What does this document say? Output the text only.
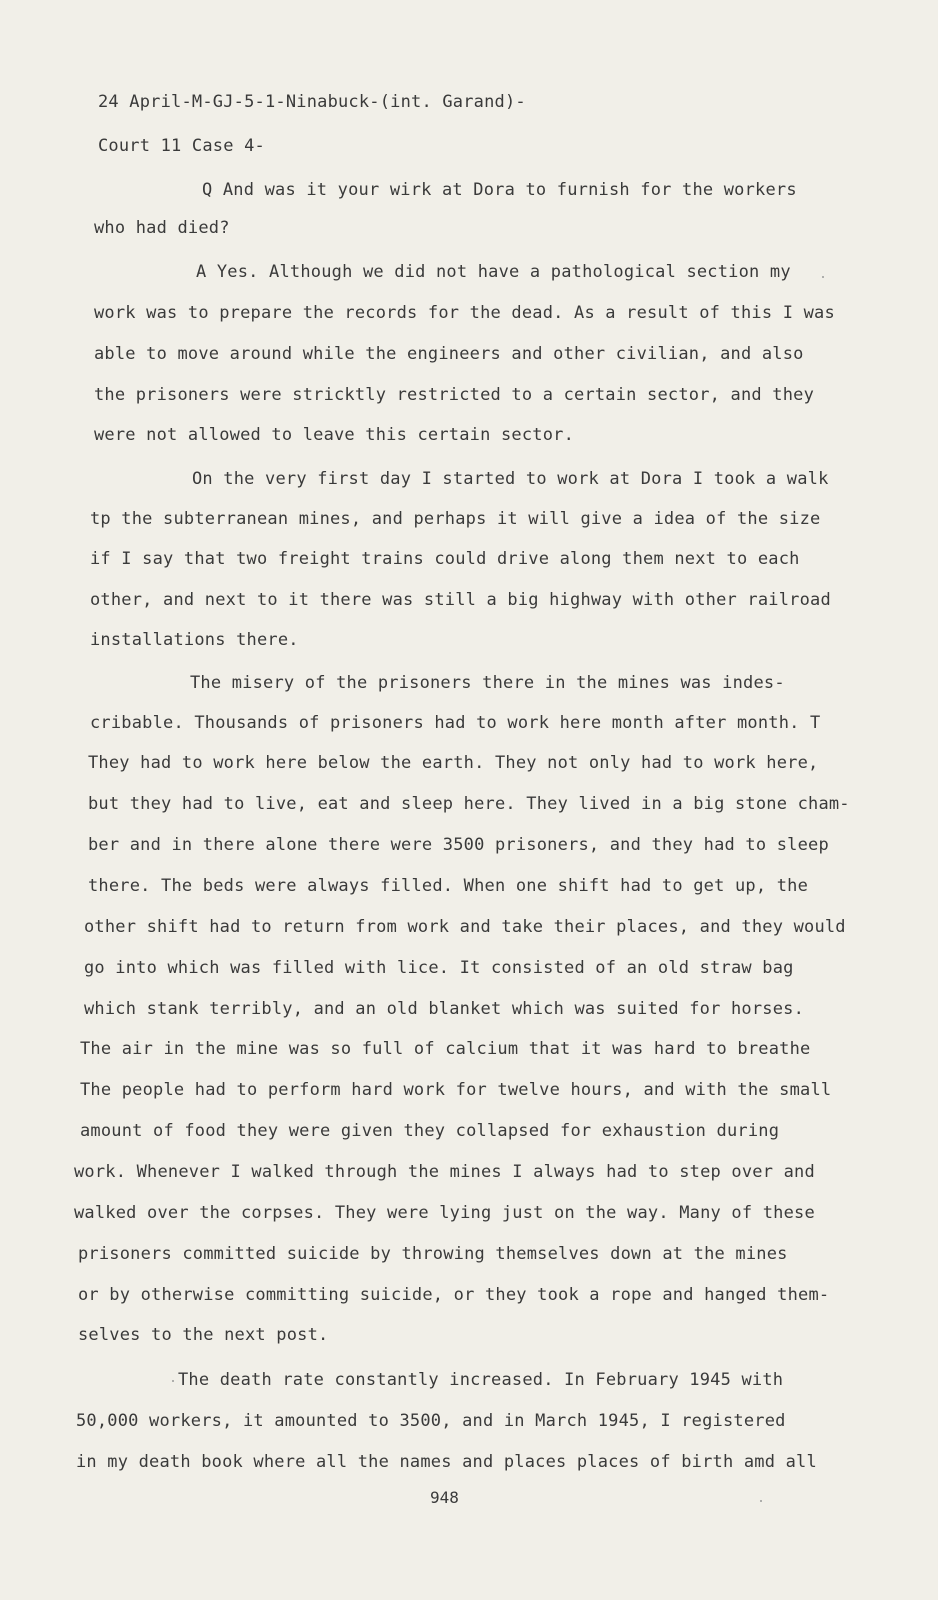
24 April-M-GJ-5-1-Ninabuck-(int. Garand)-
Court 11 Case 4-
Q And was it your wirk at Dora to furnish for the workers
who had died?
A Yes. Although we did not have a pathological section my
work was to prepare the records for the dead. As a result of this I was
able to move around while the engineers and other civilian, and also
the prisoners were stricktly restricted to a certain sector, and they
were not allowed to leave this certain sector.
On the very first day I started to work at Dora I took a walk
tp the subterranean mines, and perhaps it will give a idea of the size
if I say that two freight trains could drive along them next to each
other, and next to it there was still a big highway with other railroad
installations there.
The misery of the prisoners there in the mines was indes-
cribable. Thousands of prisoners had to work here month after month. T
They had to work here below the earth. They not only had to work here,
but they had to live, eat and sleep here. They lived in a big stone cham-
ber and in there alone there were 3500 prisoners, and they had to sleep
there. The beds were always filled. When one shift had to get up, the
other shift had to return from work and take their places, and they would
go into which was filled with lice. It consisted of an old straw bag
which stank terribly, and an old blanket which was suited for horses.
The air in the mine was so full of calcium that it was hard to breathe
The people had to perform hard work for twelve hours, and with the small
amount of food they were given they collapsed for exhaustion during
work. Whenever I walked through the mines I always had to step over and
walked over the corpses. They were lying just on the way. Many of these
prisoners committed suicide by throwing themselves down at the mines
or by otherwise committing suicide, or they took a rope and hanged them-
selves to the next post.
The death rate constantly increased. In February 1945 with
50,000 workers, it amounted to 3500, and in March 1945, I registered
in my death book where all the names and places places of birth amd all
948
